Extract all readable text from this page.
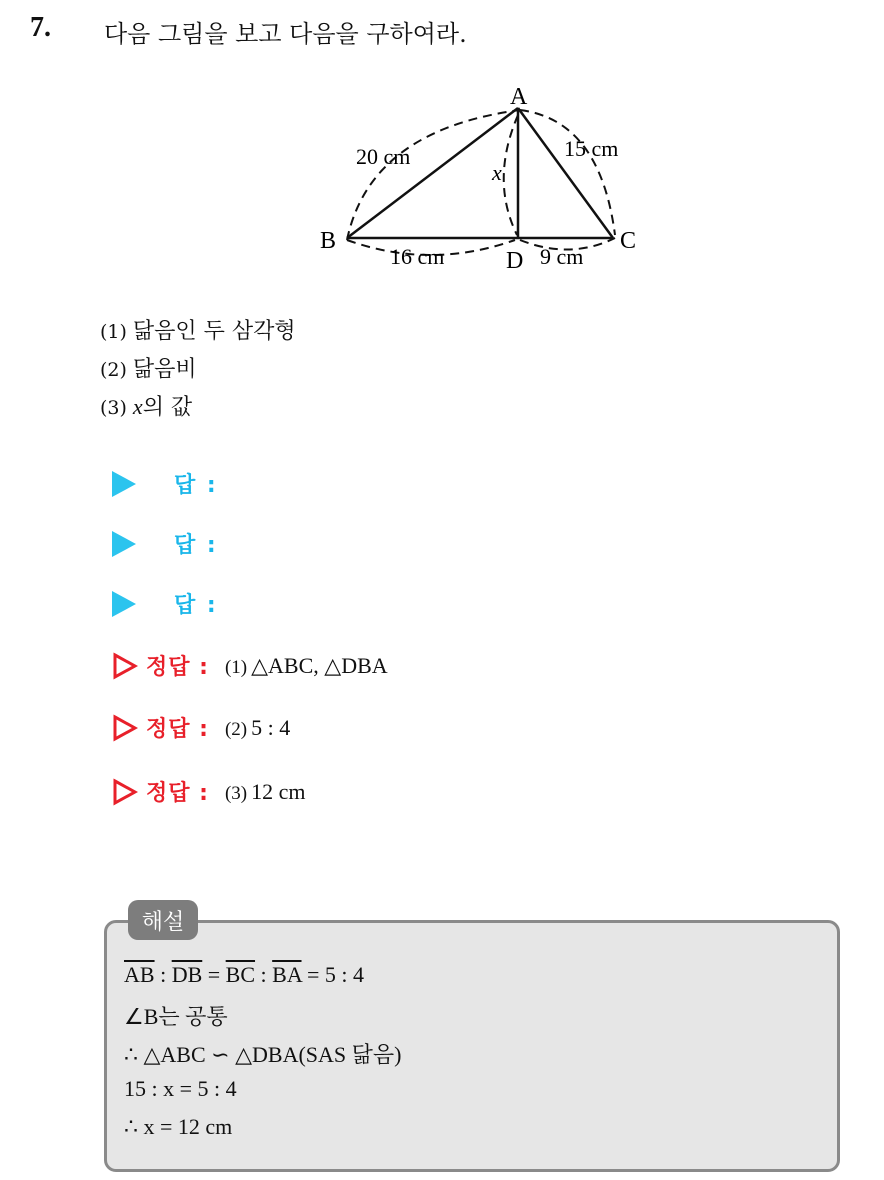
7. 다음 그림을 보고 다음을 구하여라.
A
B	C
D
20 cm	15 cm
16 cm	9 cm
x
(1) 닮음인 두 삼각형
(2) 닮음비
(3) x의 값
답 :
답 :
답 :
정답 : (1) △ABC, △DBA
정답 : (2) 5 : 4
정답 : (3) 12 cm
해설
$\overline{AB}$ : $\overline{DB} = \overline{BC}$ : $\overline{BA} = 5$ : 4
∠B는 공통
∴ △ABC ∽ △DBA(SAS 닮음)
15 : x = 5 : 4
∴ x = 12 cm
